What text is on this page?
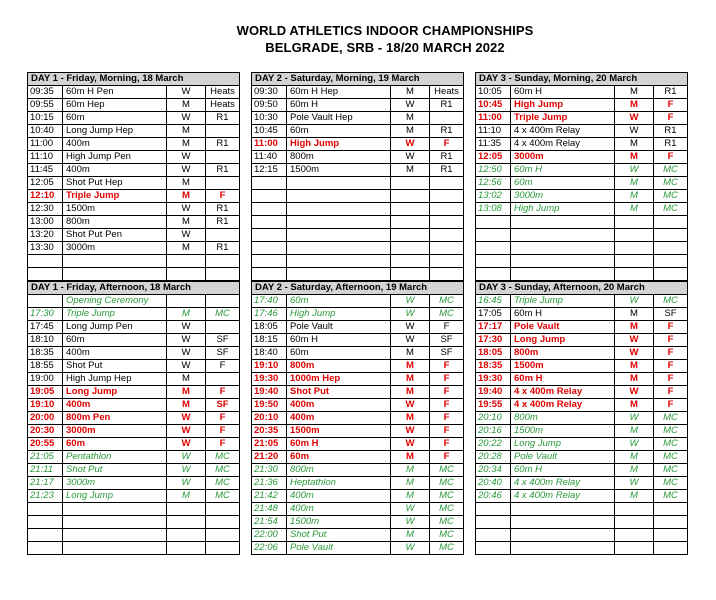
WORLD ATHLETICS INDOOR CHAMPIONSHIPS
BELGRADE, SRB - 18/20 MARCH 2022
DAY 1 - Friday, Morning, 18 March			
09:35	60m H Pen	W	Heats
09:55	60m Hep	M	Heats
10:15	60m	W	R1
10:40	Long Jump Hep	M	
11:00	400m	M	R1
11:10	High Jump Pen	W	
11:45	400m	W	R1
12:05	Shot Put Hep	M	
12:10	Triple Jump	M	F
12:30	1500m	W	R1
13:00	800m	M	R1
13:20	Shot Put Pen	W	
13:30	3000m	M	R1

DAY 2 - Saturday, Morning, 19 March			
09:30	60m H Hep	M	Heats
09:50	60m H	W	R1
10:30	Pole Vault Hep	M	
10:45	60m	M	R1
11:00	High Jump	W	F
11:40	800m	W	R1
12:15	1500m	M	R1

DAY 3 - Sunday, Morning, 20 March			
10:05	60m H	M	R1
10:45	High Jump	M	F
11:00	Triple Jump	W	F
11:10	4 x 400m Relay	W	R1
11:35	4 x 400m Relay	M	R1
12:05	3000m	M	F
12:50	60m H	W	MC
12:56	60m	M	MC
13:02	3000m	M	MC
13:08	High Jump	M	MC

DAY 1 - Friday, Afternoon, 18 March			
	Opening Ceremony		
17:30	Triple Jump	M	MC
17:45	Long Jump Pen	W	
18:10	60m	W	SF
18:35	400m	W	SF
18:55	Shot Put	W	F
19:00	High Jump Hep	M	
19:05	Long Jump	M	F
19:10	400m	M	SF
20:00	800m Pen	W	F
20:30	3000m	W	F
20:55	60m	W	F
21:05	Pentathlon	W	MC
21:11	Shot Put	W	MC
21:17	3000m	W	MC
21:23	Long Jump	M	MC

DAY 2 - Saturday, Afternoon, 19 March			
17:40	60m	W	MC
17:46	High Jump	W	MC
18:05	Pole Vault	W	F
18:15	60m H	W	SF
18:40	60m	M	SF
19:10	800m	M	F
19:30	1000m Hep	M	F
19:40	Shot Put	M	F
19:50	400m	W	F
20:10	400m	M	F
20:35	1500m	W	F
21:05	60m H	W	F
21:20	60m	M	F
21:30	800m	M	MC
21:36	Heptathlon	M	MC
21:42	400m	M	MC
21:48	400m	W	MC
21:54	1500m	W	MC
22:00	Shot Put	M	MC
22:06	Pole Vault	W	MC
DAY 3 - Sunday, Afternoon, 20 March			
16:45	Triple Jump	W	MC
17:05	60m H	M	SF
17:17	Pole Vault	M	F
17:30	Long Jump	W	F
18:05	800m	W	F
18:35	1500m	M	F
19:30	60m H	M	F
19:40	4 x 400m Relay	W	F
19:55	4 x 400m Relay	M	F
20:10	800m	W	MC
20:16	1500m	M	MC
20:22	Long Jump	W	MC
20:28	Pole Vault	M	MC
20:34	60m H	M	MC
20:40	4 x 400m Relay	W	MC
20:46	4 x 400m Relay	M	MC
